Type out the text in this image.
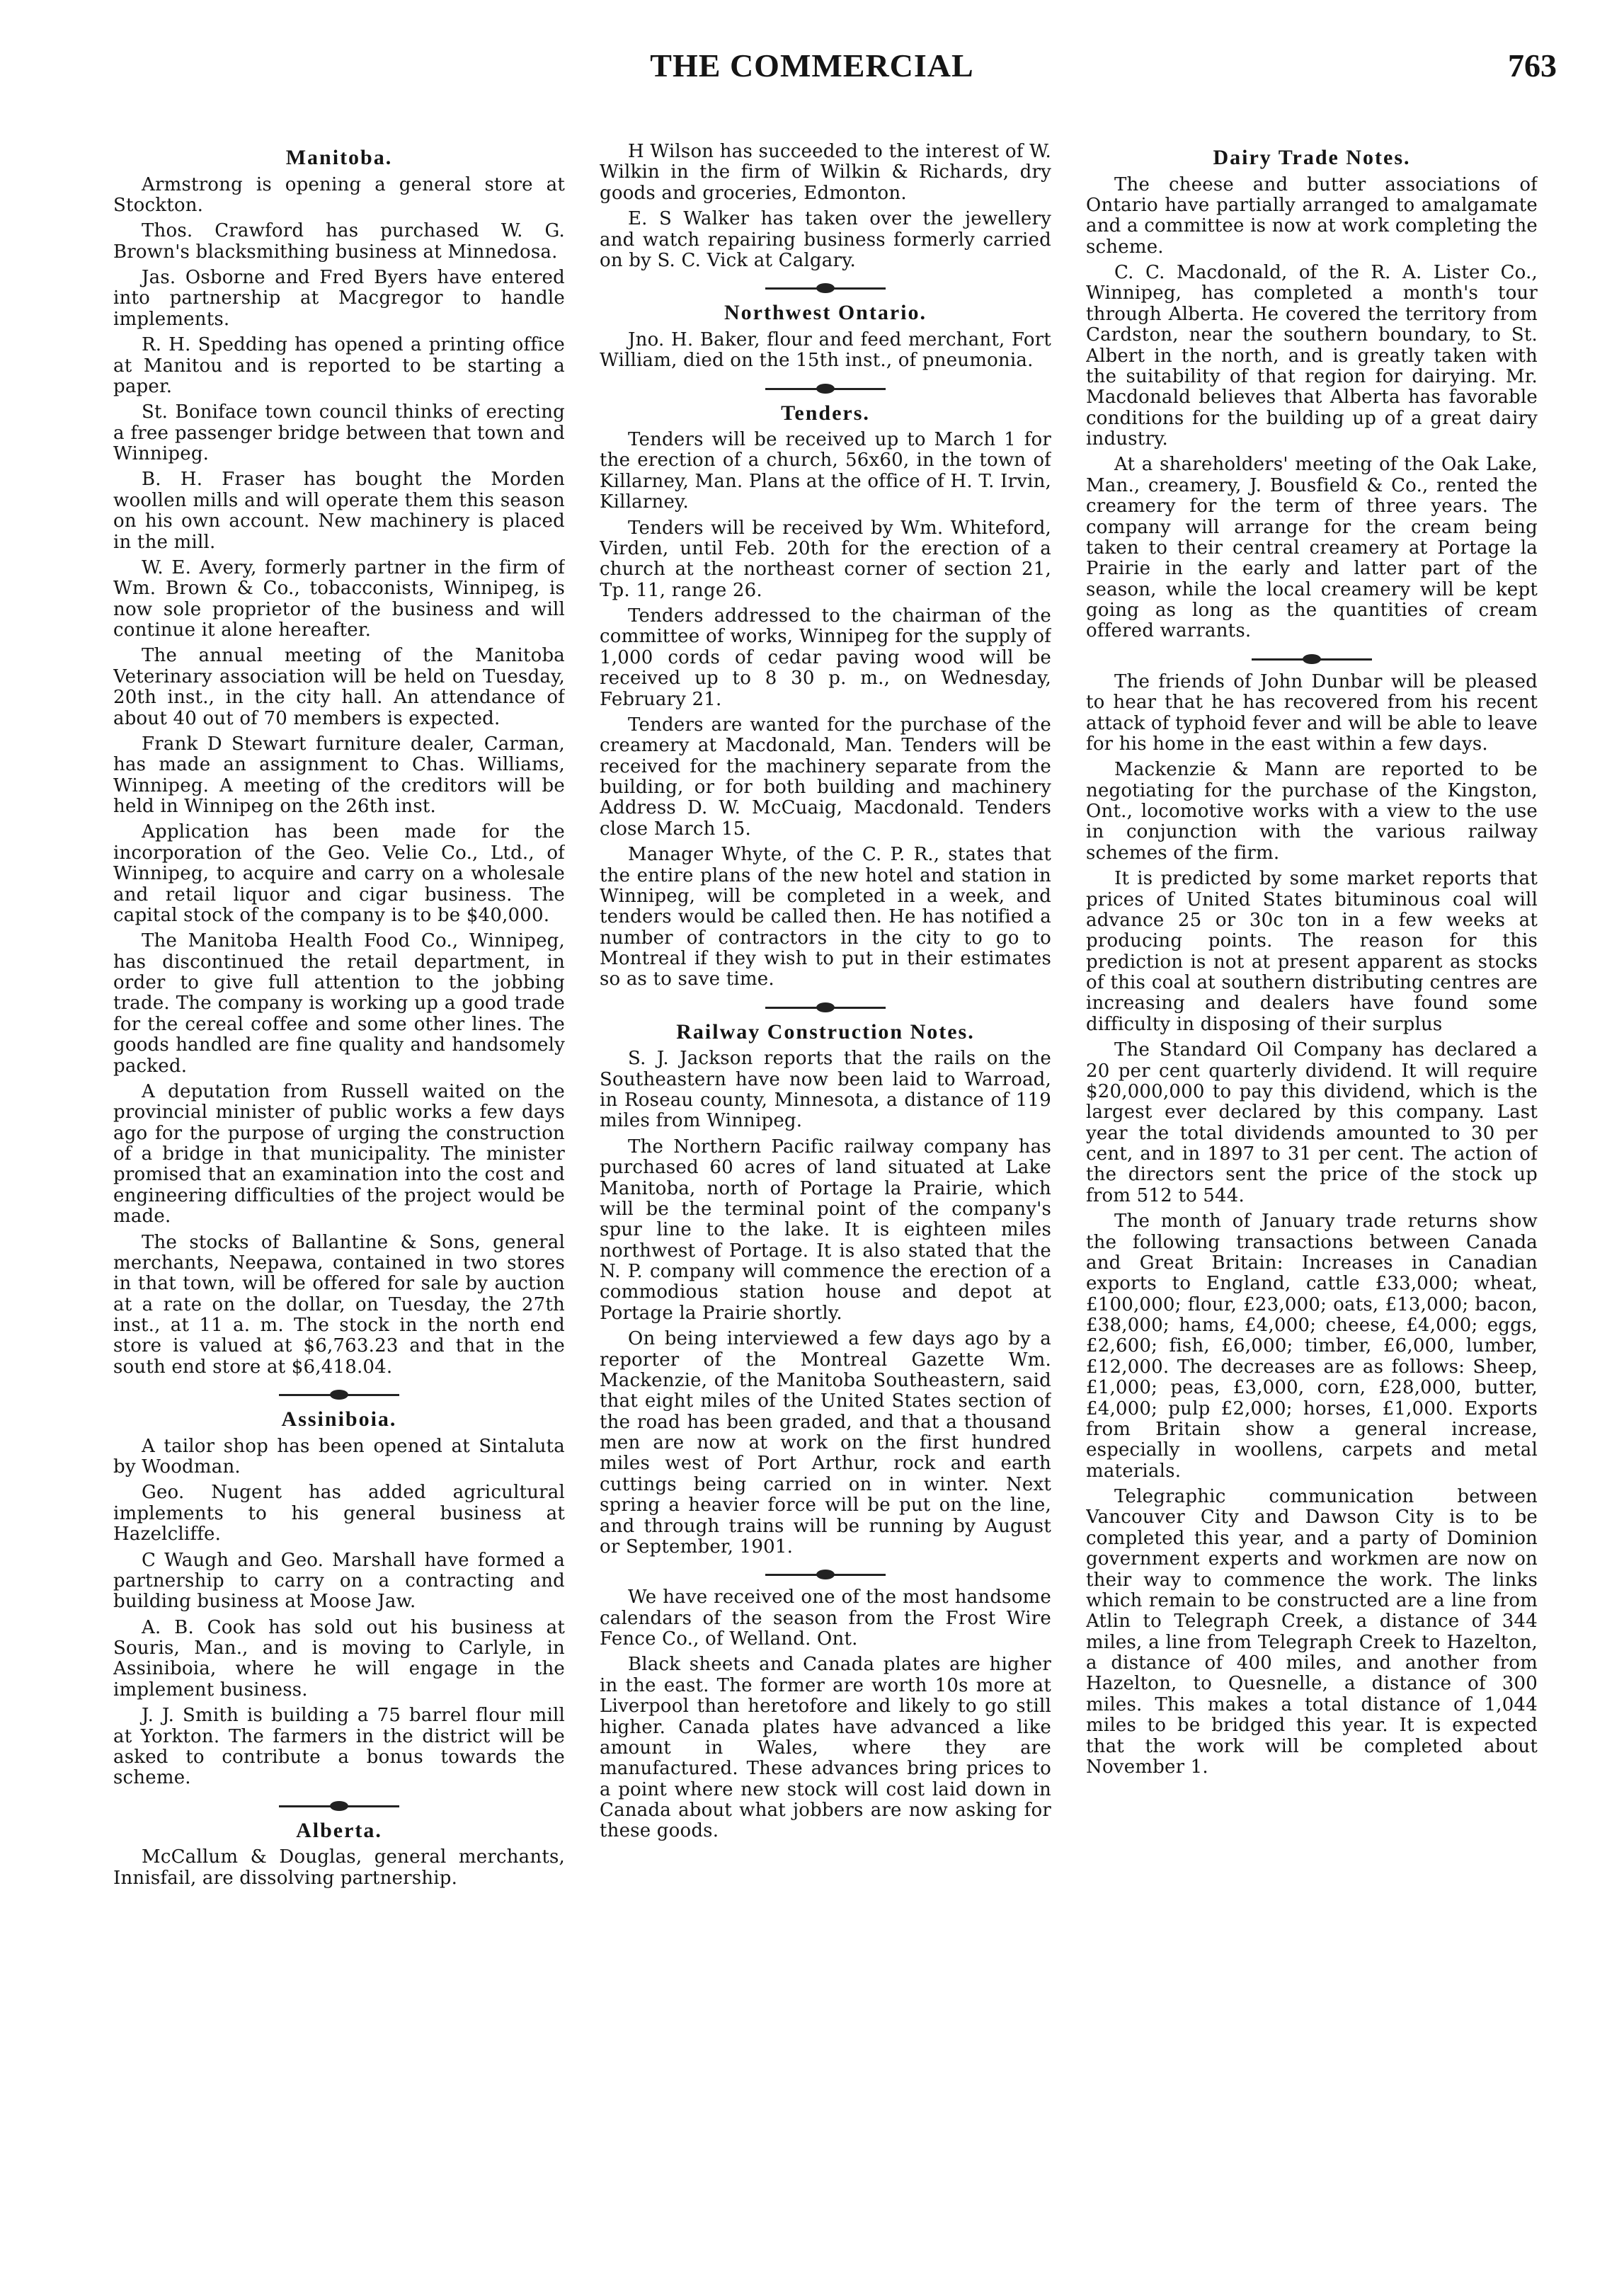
THE COMMERCIAL	763
Manitoba.

Armstrong is opening a general store at Stockton.

Thos. Crawford has purchased W. G. Brown's blacksmithing business at Minnedosa.

Jas. Osborne and Fred Byers have entered into partnership at Macgregor to handle implements.

R. H. Spedding has opened a printing office at Manitou and is reported to be starting a paper.

St. Boniface town council thinks of erecting a free passenger bridge between that town and Winnipeg.

B. H. Fraser has bought the Morden woollen mills and will operate them this season on his own account. New machinery is placed in the mill.

W. E. Avery, formerly partner in the firm of Wm. Brown & Co., tobacconists, Winnipeg, is now sole proprietor of the business and will continue it alone hereafter.

The annual meeting of the Manitoba Veterinary association will be held on Tuesday, 20th inst., in the city hall. An attendance of about 40 out of 70 members is expected.

Frank D Stewart furniture dealer, Carman, has made an assignment to Chas. Williams, Winnipeg. A meeting of the creditors will be held in Winnipeg on the 26th inst.

Application has been made for the incorporation of the Geo. Velie Co., Ltd., of Winnipeg, to acquire and carry on a wholesale and retail liquor and cigar business. The capital stock of the company is to be $40,000.

The Manitoba Health Food Co., Winnipeg, has discontinued the retail department, in order to give full attention to the jobbing trade. The company is working up a good trade for the cereal coffee and some other lines. The goods handled are fine quality and handsomely packed.

A deputation from Russell waited on the provincial minister of public works a few days ago for the purpose of urging the construction of a bridge in that municipality. The minister promised that an examination into the cost and engineering difficulties of the project would be made.

The stocks of Ballantine & Sons, general merchants, Neepawa, contained in two stores in that town, will be offered for sale by auction at a rate on the dollar, on Tuesday, the 27th inst., at 11 a. m. The stock in the north end store is valued at $6,763.23 and that in the south end store at $6,418.04.

Assiniboia.

A tailor shop has been opened at Sintaluta by Woodman.

Geo. Nugent has added agricultural implements to his general business at Hazelcliffe.

C Waugh and Geo. Marshall have formed a partnership to carry on a contracting and building business at Moose Jaw.

A. B. Cook has sold out his business at Souris, Man., and is moving to Carlyle, in Assiniboia, where he will engage in the implement business.

J. J. Smith is building a 75 barrel flour mill at Yorkton. The farmers in the district will be asked to contribute a bonus towards the scheme.

Alberta.

McCallum & Douglas, general merchants, Innisfail, are dissolving partnership.

H Wilson has succeeded to the interest of W. Wilkin in the firm of Wilkin & Richards, dry goods and groceries, Edmonton.

E. S Walker has taken over the jewellery and watch repairing business formerly carried on by S. C. Vick at Calgary.

Northwest Ontario.

Jno. H. Baker, flour and feed merchant, Fort William, died on the 15th inst., of pneumonia.

Tenders.

Tenders will be received up to March 1 for the erection of a church, 56x60, in the town of Killarney, Man. Plans at the office of H. T. Irvin, Killarney.

Tenders will be received by Wm. Whiteford, Virden, until Feb. 20th for the erection of a church at the northeast corner of section 21, Tp. 11, range 26.

Tenders addressed to the chairman of the committee of works, Winnipeg for the supply of 1,000 cords of cedar paving wood will be received up to 8 30 p. m., on Wednesday, February 21.

Tenders are wanted for the purchase of the creamery at Macdonald, Man. Tenders will be received for the machinery separate from the building, or for both building and machinery Address D. W. McCuaig, Macdonald. Tenders close March 15.

Manager Whyte, of the C. P. R., states that the entire plans of the new hotel and station in Winnipeg, will be completed in a week, and tenders would be called then. He has notified a number of contractors in the city to go to Montreal if they wish to put in their estimates so as to save time.

Railway Construction Notes.

S. J. Jackson reports that the rails on the Southeastern have now been laid to Warroad, in Roseau county, Minnesota, a distance of 119 miles from Winnipeg.

The Northern Pacific railway company has purchased 60 acres of land situated at Lake Manitoba, north of Portage la Prairie, which will be the terminal point of the company's spur line to the lake. It is eighteen miles northwest of Portage. It is also stated that the N. P. company will commence the erection of a commodious station house and depot at Portage la Prairie shortly.

On being interviewed a few days ago by a reporter of the Montreal Gazette Wm. Mackenzie, of the Manitoba Southeastern, said that eight miles of the United States section of the road has been graded, and that a thousand men are now at work on the first hundred miles west of Port Arthur, rock and earth cuttings being carried on in winter. Next spring a heavier force will be put on the line, and through trains will be running by August or September, 1901.

We have received one of the most handsome calendars of the season from the Frost Wire Fence Co., of Welland. Ont.

Black sheets and Canada plates are higher in the east. The former are worth 10s more at Liverpool than heretofore and likely to go still higher. Canada plates have advanced a like amount in Wales, where they are manufactured. These advances bring prices to a point where new stock will cost laid down in Canada about what jobbers are now asking for these goods.

Dairy Trade Notes.

The cheese and butter associations of Ontario have partially arranged to amalgamate and a committee is now at work completing the scheme.

C. C. Macdonald, of the R. A. Lister Co., Winnipeg, has completed a month's tour through Alberta. He covered the territory from Cardston, near the southern boundary, to St. Albert in the north, and is greatly taken with the suitability of that region for dairying. Mr. Macdonald believes that Alberta has favorable conditions for the building up of a great dairy industry.

At a shareholders' meeting of the Oak Lake, Man., creamery, J. Bousfield & Co., rented the creamery for the term of three years. The company will arrange for the cream being taken to their central creamery at Portage la Prairie in the early and latter part of the season, while the local creamery will be kept going as long as the quantities of cream offered warrants.

The friends of John Dunbar will be pleased to hear that he has recovered from his recent attack of typhoid fever and will be able to leave for his home in the east within a few days.

Mackenzie & Mann are reported to be negotiating for the purchase of the Kingston, Ont., locomotive works with a view to the use in conjunction with the various railway schemes of the firm.

It is predicted by some market reports that prices of United States bituminous coal will advance 25 or 30c ton in a few weeks at producing points. The reason for this prediction is not at present apparent as stocks of this coal at southern distributing centres are increasing and dealers have found some difficulty in disposing of their surplus

The Standard Oil Company has declared a 20 per cent quarterly dividend. It will require $20,000,000 to pay this dividend, which is the largest ever declared by this company. Last year the total dividends amounted to 30 per cent, and in 1897 to 31 per cent. The action of the directors sent the price of the stock up from 512 to 544.

The month of January trade returns show the following transactions between Canada and Great Britain: Increases in Canadian exports to England, cattle £33,000; wheat, £100,000; flour, £23,000; oats, £13,000; bacon, £38,000; hams, £4,000; cheese, £4,000; eggs, £2,600; fish, £6,000; timber, £6,000, lumber, £12,000. The decreases are as follows: Sheep, £1,000; peas, £3,000, corn, £28,000, butter, £4,000; pulp £2,000; horses, £1,000. Exports from Britain show a general increase, especially in woollens, carpets and metal materials.

Telegraphic communication between Vancouver City and Dawson City is to be completed this year, and a party of Dominion government experts and workmen are now on their way to commence the work. The links which remain to be constructed are a line from Atlin to Telegraph Creek, a distance of 344 miles, a line from Telegraph Creek to Hazelton, a distance of 400 miles, and another from Hazelton, to Quesnelle, a distance of 300 miles. This makes a total distance of 1,044 miles to be bridged this year. It is expected that the work will be completed about November 1.
